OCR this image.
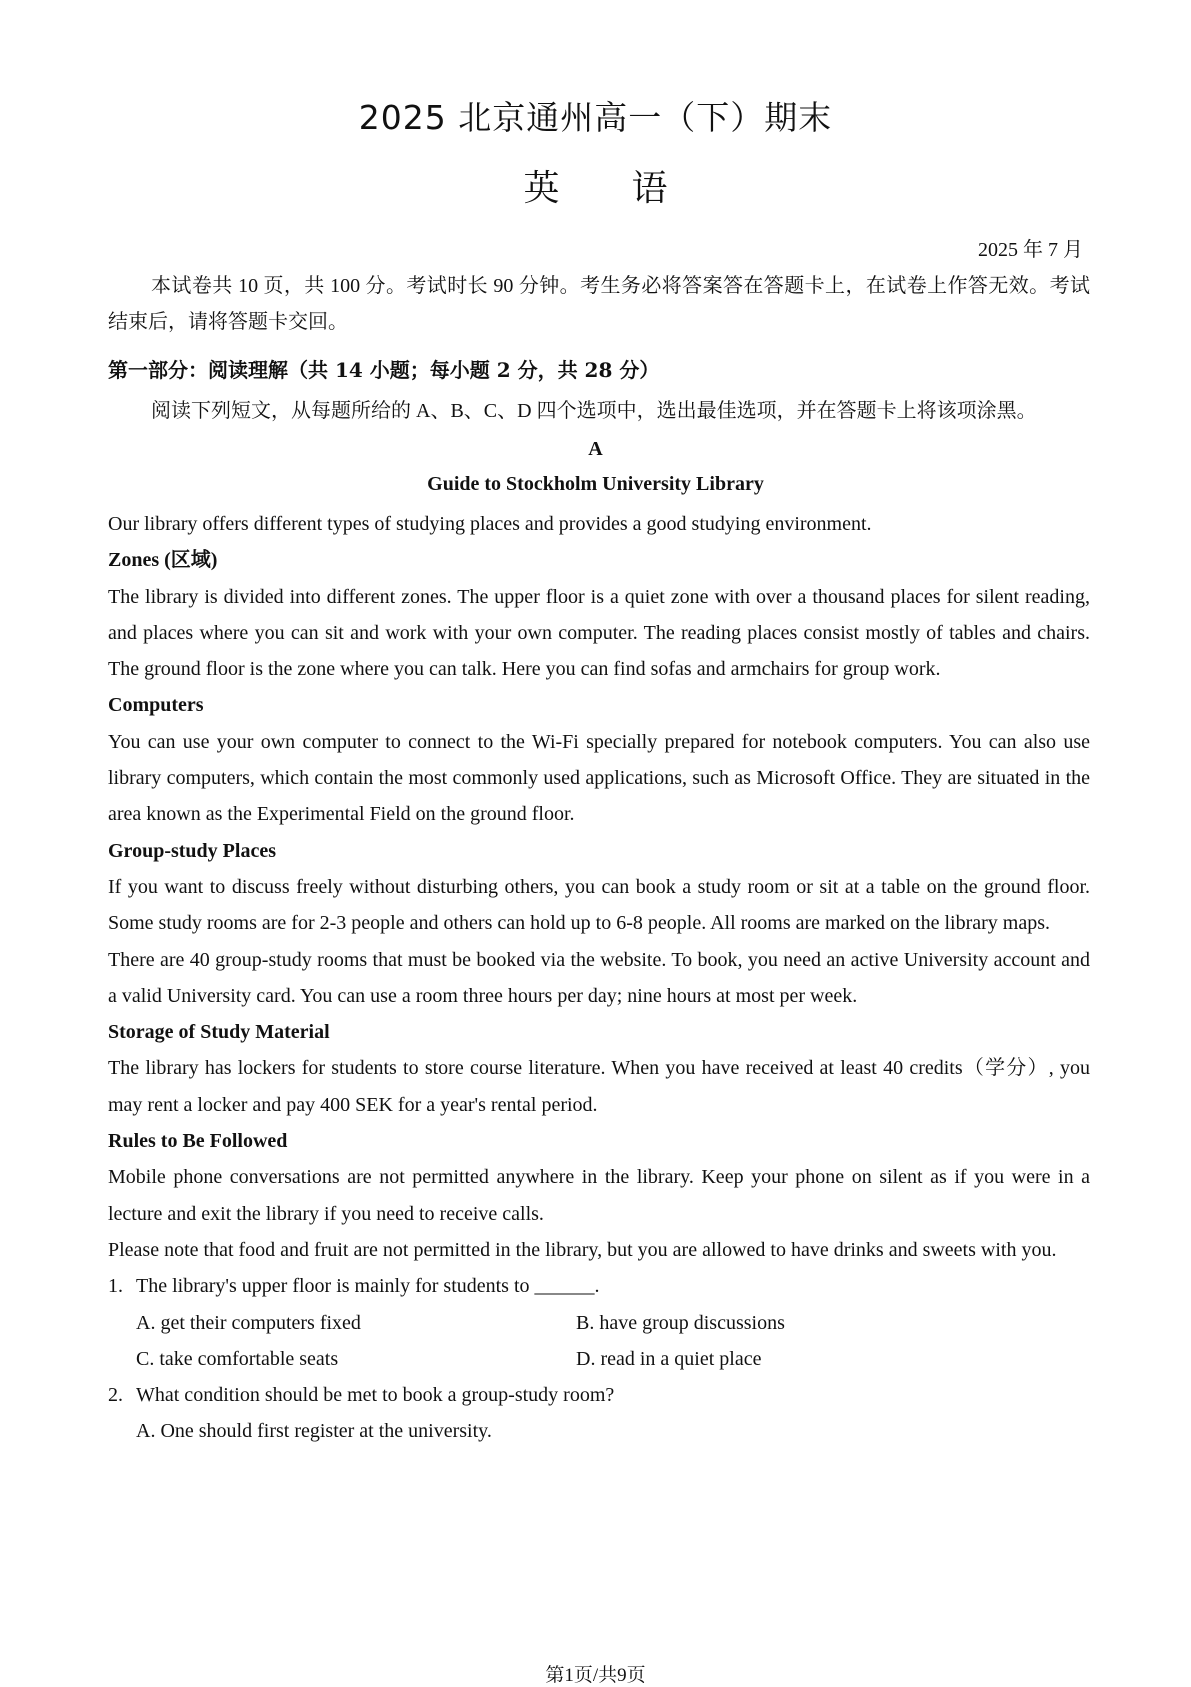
2025 北京通州高一（下）期末
英　　语
2025 年 7 月
本试卷共 10 页，共 100 分。考试时长 90 分钟。考生务必将答案答在答题卡上，在试卷上作答无效。考试结束后，请将答题卡交回。
第一部分：阅读理解（共 14 小题；每小题 2 分，共 28 分）
阅读下列短文，从每题所给的 A、B、C、D 四个选项中，选出最佳选项，并在答题卡上将该项涂黑。
A
Guide to Stockholm University Library

Our library offers different types of studying places and provides a good studying environment.

Zones (区域)

The library is divided into different zones. The upper floor is a quiet zone with over a thousand places for silent reading, and places where you can sit and work with your own computer. The reading places consist mostly of tables and chairs. The ground floor is the zone where you can talk. Here you can find sofas and armchairs for group work.

Computers

You can use your own computer to connect to the Wi-Fi specially prepared for notebook computers. You can also use library computers, which contain the most commonly used applications, such as Microsoft Office. They are situated in the area known as the Experimental Field on the ground floor.

Group-study Places

If you want to discuss freely without disturbing others, you can book a study room or sit at a table on the ground floor. Some study rooms are for 2-3 people and others can hold up to 6-8 people. All rooms are marked on the library maps.

There are 40 group-study rooms that must be booked via the website. To book, you need an active University account and a valid University card. You can use a room three hours per day; nine hours at most per week.

Storage of Study Material

The library has lockers for students to store course literature. When you have received at least 40 credits（学分）, you may rent a locker and pay 400 SEK for a year's rental period.

Rules to Be Followed

Mobile phone conversations are not permitted anywhere in the library. Keep your phone on silent as if you were in a lecture and exit the library if you need to receive calls.

Please note that food and fruit are not permitted in the library, but you are allowed to have drinks and sweets with you.

1. The library's upper floor is mainly for students to ______.
A. get their computers fixed	B. have group discussions
C. take comfortable seats	D. read in a quiet place
2. What condition should be met to book a group-study room?
A. One should first register at the university.
第1页/共9页
